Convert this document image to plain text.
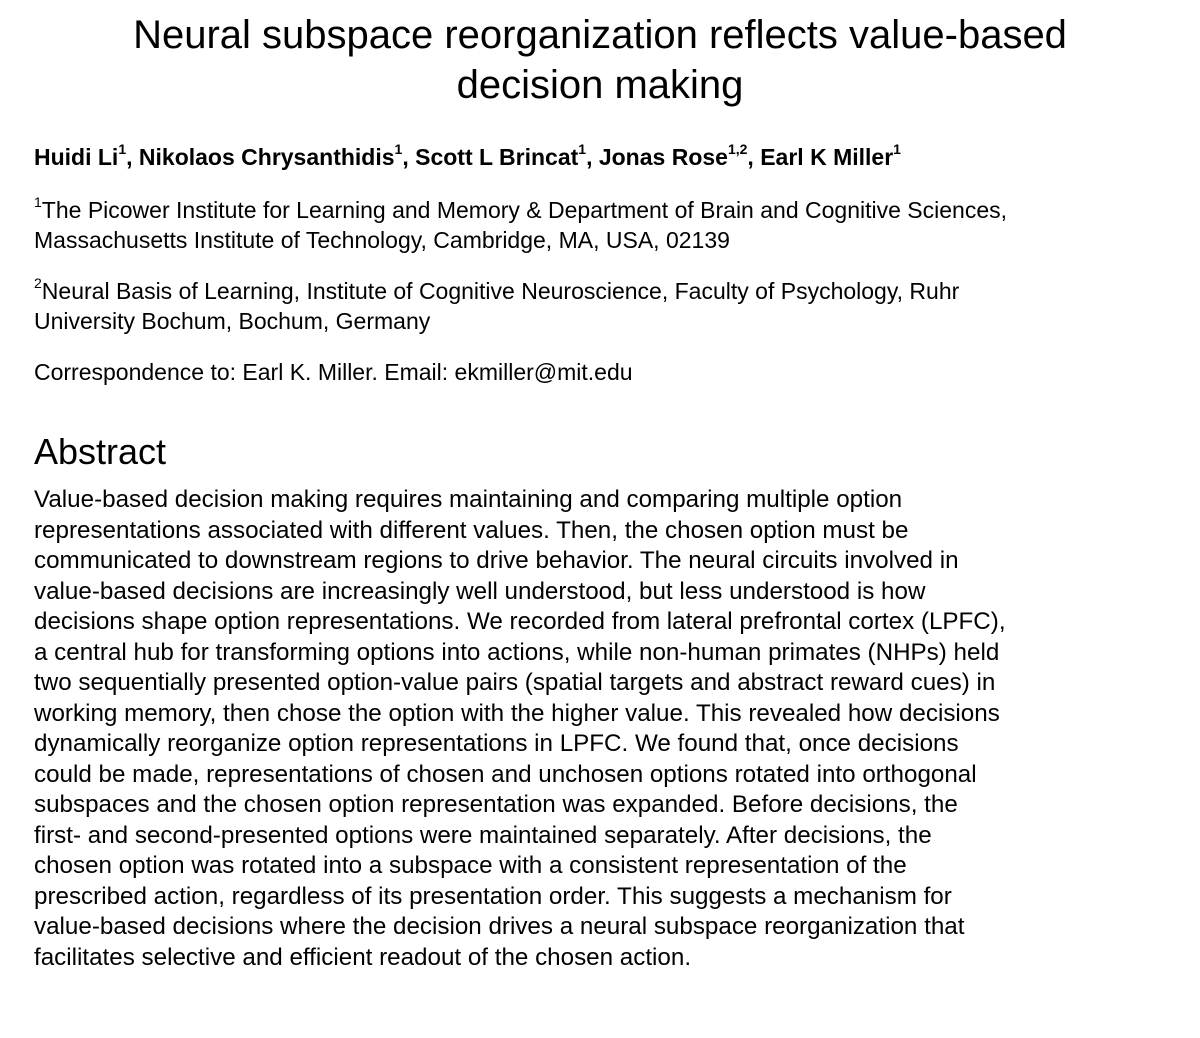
Neural subspace reorganization reflects value-based
decision making

Huidi Li$^1$, Nikolaos Chrysanthidis$^1$, Scott L Brincat$^1$, Jonas Rose$^{1,2}$, Earl K Miller$^1$

$^1$The Picower Institute for Learning and Memory & Department of Brain and Cognitive Sciences,
Massachusetts Institute of Technology, Cambridge, MA, USA, 02139

$^2$Neural Basis of Learning, Institute of Cognitive Neuroscience, Faculty of Psychology, Ruhr
University Bochum, Bochum, Germany

Correspondence to: Earl K. Miller. Email: ekmiller@mit.edu

Abstract
Value-based decision making requires maintaining and comparing multiple option
representations associated with different values. Then, the chosen option must be
communicated to downstream regions to drive behavior. The neural circuits involved in
value-based decisions are increasingly well understood, but less understood is how
decisions shape option representations. We recorded from lateral prefrontal cortex (LPFC),
a central hub for transforming options into actions, while non-human primates (NHPs) held
two sequentially presented option-value pairs (spatial targets and abstract reward cues) in
working memory, then chose the option with the higher value. This revealed how decisions
dynamically reorganize option representations in LPFC. We found that, once decisions
could be made, representations of chosen and unchosen options rotated into orthogonal
subspaces and the chosen option representation was expanded. Before decisions, the
first- and second-presented options were maintained separately. After decisions, the
chosen option was rotated into a subspace with a consistent representation of the
prescribed action, regardless of its presentation order. This suggests a mechanism for
value-based decisions where the decision drives a neural subspace reorganization that
facilitates selective and efficient readout of the chosen action.
